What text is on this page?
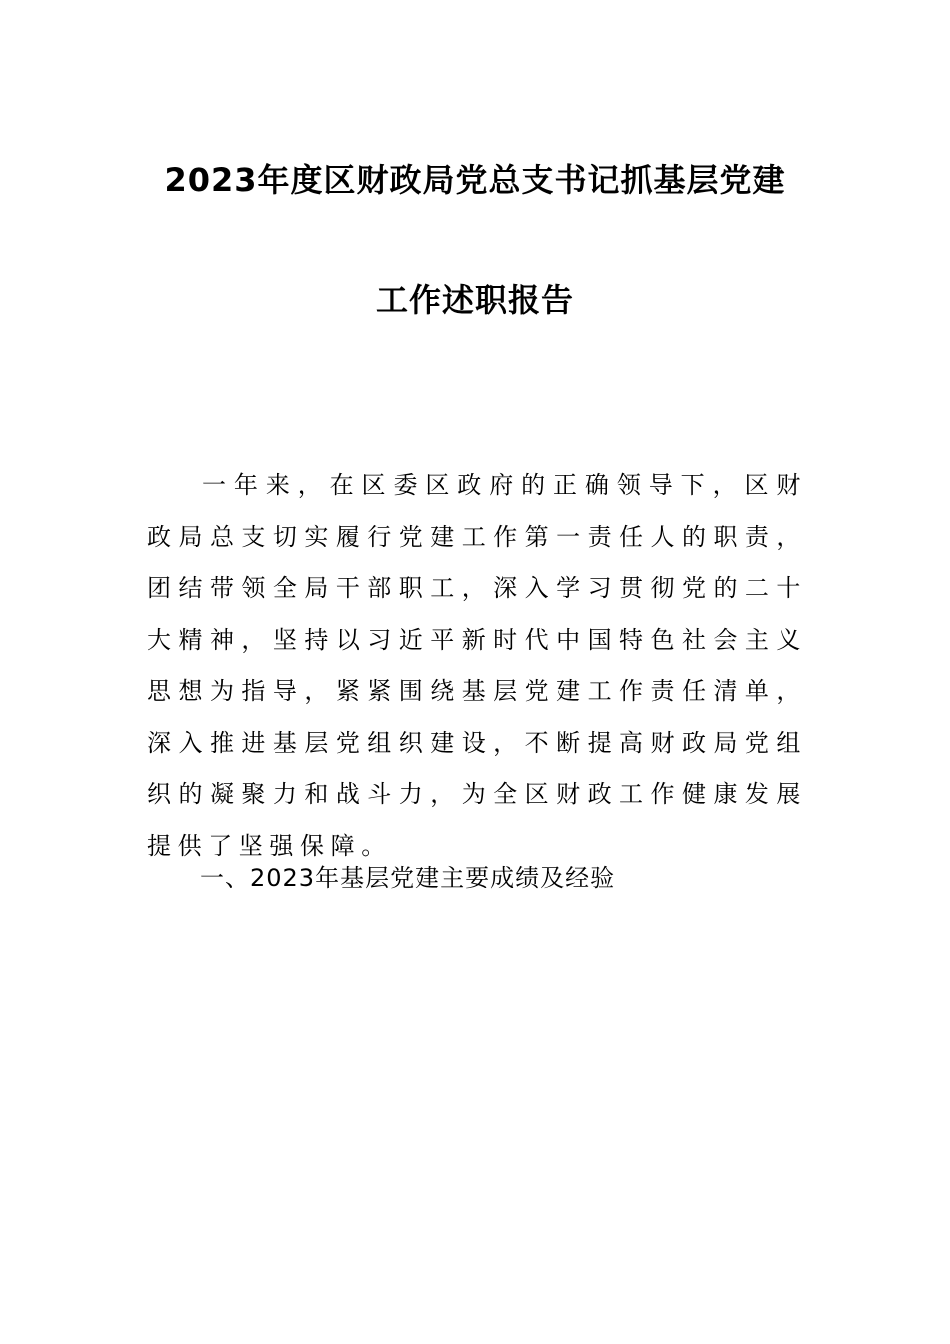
2023年度区财政局党总支书记抓基层党建
工作述职报告
一年来，在区委区政府的正确领导下，区财政局总支切实履行党建工作第一责任人的职责，团结带领全局干部职工，深入学习贯彻党的二十大精神，坚持以习近平新时代中国特色社会主义思想为指导，紧紧围绕基层党建工作责任清单，深入推进基层党组织建设，不断提高财政局党组织的凝聚力和战斗力，为全区财政工作健康发展提供了坚强保障。
一、2023年基层党建主要成绩及经验
